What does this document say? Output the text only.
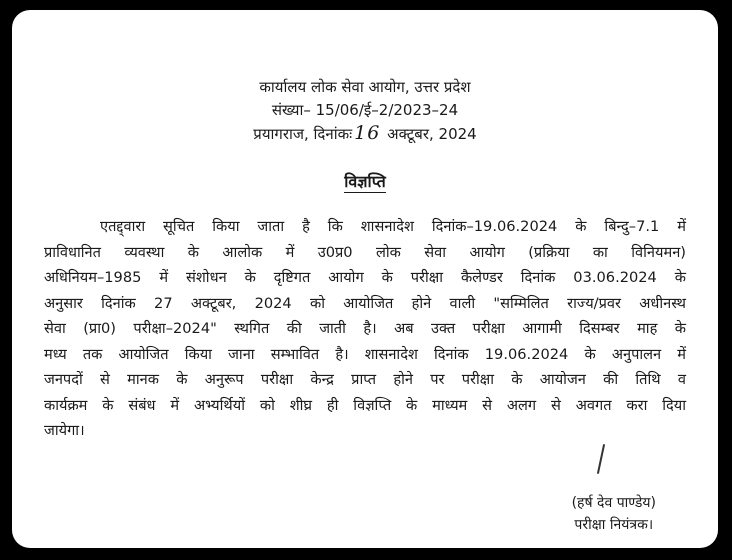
कार्यालय लोक सेवा आयोग, उत्तर प्रदेश
संख्या– 15/06/ई–2/2023–24
प्रयागराज, दिनांकः 16 अक्टूबर, 2024
विज्ञप्ति
एतद्द्वारा सूचित किया जाता है कि शासनादेश दिनांक–19.06.2024 के बिन्दु–7.1 में
प्राविधानित व्यवस्था के आलोक में उ0प्र0 लोक सेवा आयोग (प्रक्रिया का विनियमन)
अधिनियम–1985 में संशोधन के दृष्टिगत आयोग के परीक्षा कैलेण्डर दिनांक 03.06.2024 के
अनुसार दिनांक 27 अक्टूबर, 2024 को आयोजित होने वाली "सम्मिलित राज्य/प्रवर अधीनस्थ
सेवा (प्रा0) परीक्षा–2024" स्थगित की जाती है। अब उक्त परीक्षा आगामी दिसम्बर माह के
मध्य तक आयोजित किया जाना सम्भावित है। शासनादेश दिनांक 19.06.2024 के अनुपालन में
जनपदों से मानक के अनुरूप परीक्षा केन्द्र प्राप्त होने पर परीक्षा के आयोजन की तिथि व
कार्यक्रम के संबंध में अभ्यर्थियों को शीघ्र ही विज्ञप्ति के माध्यम से अलग से अवगत करा दिया
जायेगा।
(हर्ष देव पाण्डेय)
परीक्षा नियंत्रक।
